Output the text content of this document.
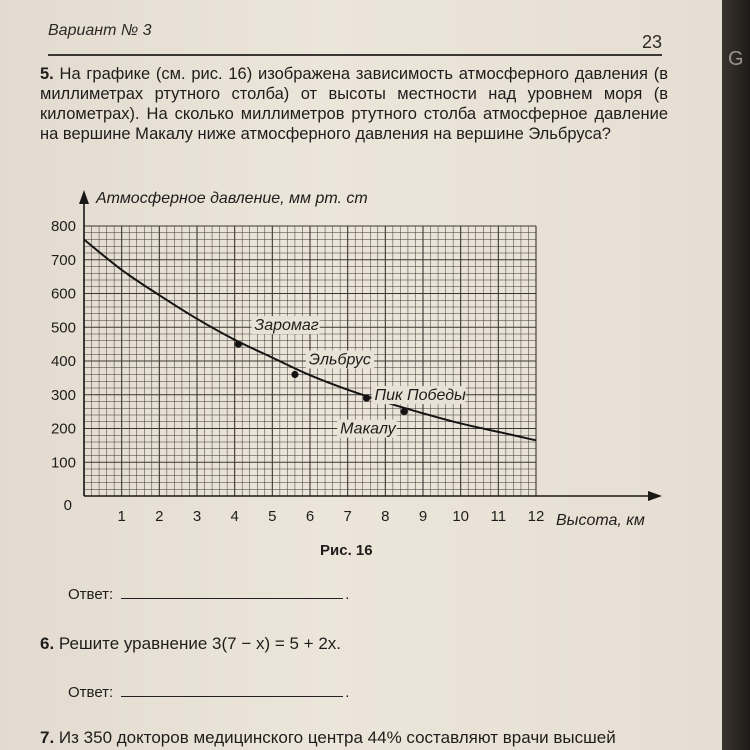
Вариант № 3
23
5. На графике (см. рис. 16) изображена зависимость атмосферного давления (в миллиметрах ртутного столба) от высоты местности над уровнем моря (в километрах). На сколько миллиметров ртутного столба атмосферное давление на вершине Макалу ниже атмосферного давления на вершине Эльбруса?
Атмосферное давление, мм рт. ст
Высота, км
1 2 3 4 5 6 7 8 9 10 11 12
100
200
300
400
500
600
700
800
0
Заромаг
Эльбрус
Пик Победы
Макалу
Рис. 16
Ответ:	.
6. Решите уравнение 3(7 − x) = 5 + 2x.
Ответ:	.
7. Из 350 докторов медицинского центра 44% составляют врачи высшей
G
